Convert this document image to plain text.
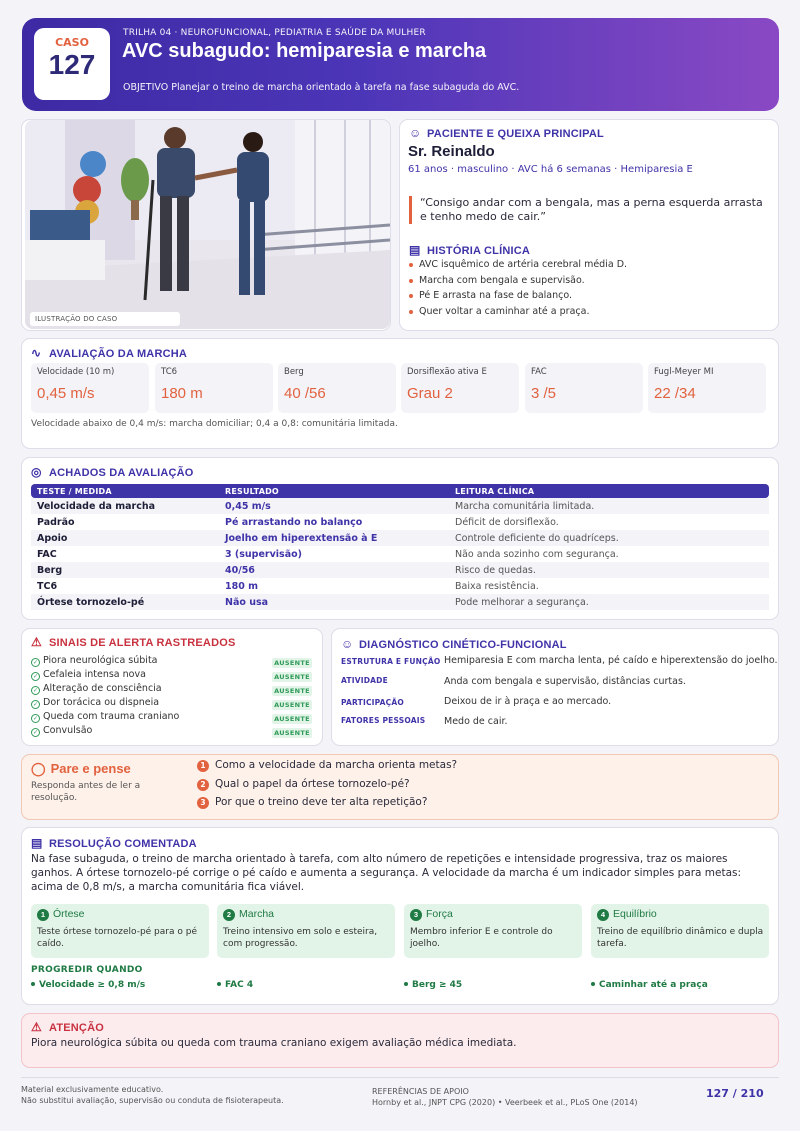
CASO
127
TRILHA 04 · NEUROFUNCIONAL, PEDIATRIA E SAÚDE DA MULHER
AVC subagudo: hemiparesia e marcha
OBJETIVO Planejar o treino de marcha orientado à tarefa na fase subaguda do AVC.
ILUSTRAÇÃO DO CASO
☺ PACIENTE E QUEIXA PRINCIPAL
Sr. Reinaldo
61 anos · masculino · AVC há 6 semanas · Hemiparesia E
“Consigo andar com a bengala, mas a perna esquerda arrasta e tenho medo de cair.”
▤ HISTÓRIA CLÍNICA
AVC isquêmico de artéria cerebral média D.
Marcha com bengala e supervisão.
Pé E arrasta na fase de balanço.
Quer voltar a caminhar até a praça.
∿ AVALIAÇÃO DA MARCHA
Velocidade (10 m)
0,45 m/s
TC6
180 m
Berg
40 /56
Dorsiflexão ativa E
Grau 2
FAC
3 /5
Fugl-Meyer MI
22 /34
Velocidade abaixo de 0,4 m/s: marcha domiciliar; 0,4 a 0,8: comunitária limitada.
◎ ACHADOS DA AVALIAÇÃO
TESTE / MEDIDA	RESULTADO	LEITURA CLÍNICA
Velocidade da marcha	0,45 m/s	Marcha comunitária limitada.
Padrão	Pé arrastando no balanço	Déficit de dorsiflexão.
Apoio	Joelho em hiperextensão à E	Controle deficiente do quadríceps.
FAC	3 (supervisão)	Não anda sozinho com segurança.
Berg	40/56	Risco de quedas.
TC6	180 m	Baixa resistência.
Órtese tornozelo-pé	Não usa	Pode melhorar a segurança.
⚠ SINAIS DE ALERTA RASTREADOS
✓ Piora neurológica súbita	AUSENTE
✓ Cefaleia intensa nova	AUSENTE
✓ Alteração de consciência	AUSENTE
✓ Dor torácica ou dispneia	AUSENTE
✓ Queda com trauma craniano	AUSENTE
✓ Convulsão	AUSENTE
☺ DIAGNÓSTICO CINÉTICO-FUNCIONAL
ESTRUTURA E FUNÇÃO Hemiparesia E com marcha lenta, pé caído e hiperextensão do joelho.
ATIVIDADE	Anda com bengala e supervisão, distâncias curtas.
PARTICIPAÇÃO	Deixou de ir à praça e ao mercado.
FATORES PESSOAIS Medo de cair.
◯ Pare e pense
Responda antes de ler a resolução.
1 Como a velocidade da marcha orienta metas?
2 Qual o papel da órtese tornozelo-pé?
3 Por que o treino deve ter alta repetição?
▤ RESOLUÇÃO COMENTADA
Na fase subaguda, o treino de marcha orientado à tarefa, com alto número de repetições e intensidade progressiva, traz os maiores ganhos. A órtese tornozelo-pé corrige o pé caído e aumenta a segurança. A velocidade da marcha é um indicador simples para metas: acima de 0,8 m/s, a marcha comunitária fica viável.
1 Órtese
Teste órtese tornozelo-pé para o pé caído.
2 Marcha
Treino intensivo em solo e esteira, com progressão.
3 Força
Membro inferior E e controle do joelho.
4 Equilíbrio
Treino de equilíbrio dinâmico e dupla tarefa.
PROGREDIR QUANDO
Velocidade ≥ 0,8 m/s	FAC 4	Berg ≥ 45	Caminhar até a praça
⚠ ATENÇÃO
Piora neurológica súbita ou queda com trauma craniano exigem avaliação médica imediata.
Material exclusivamente educativo.
Não substitui avaliação, supervisão ou conduta de fisioterapeuta.
REFERÊNCIAS DE APOIO
Hornby et al., JNPT CPG (2020) • Veerbeek et al., PLoS One (2014)
127 / 210
